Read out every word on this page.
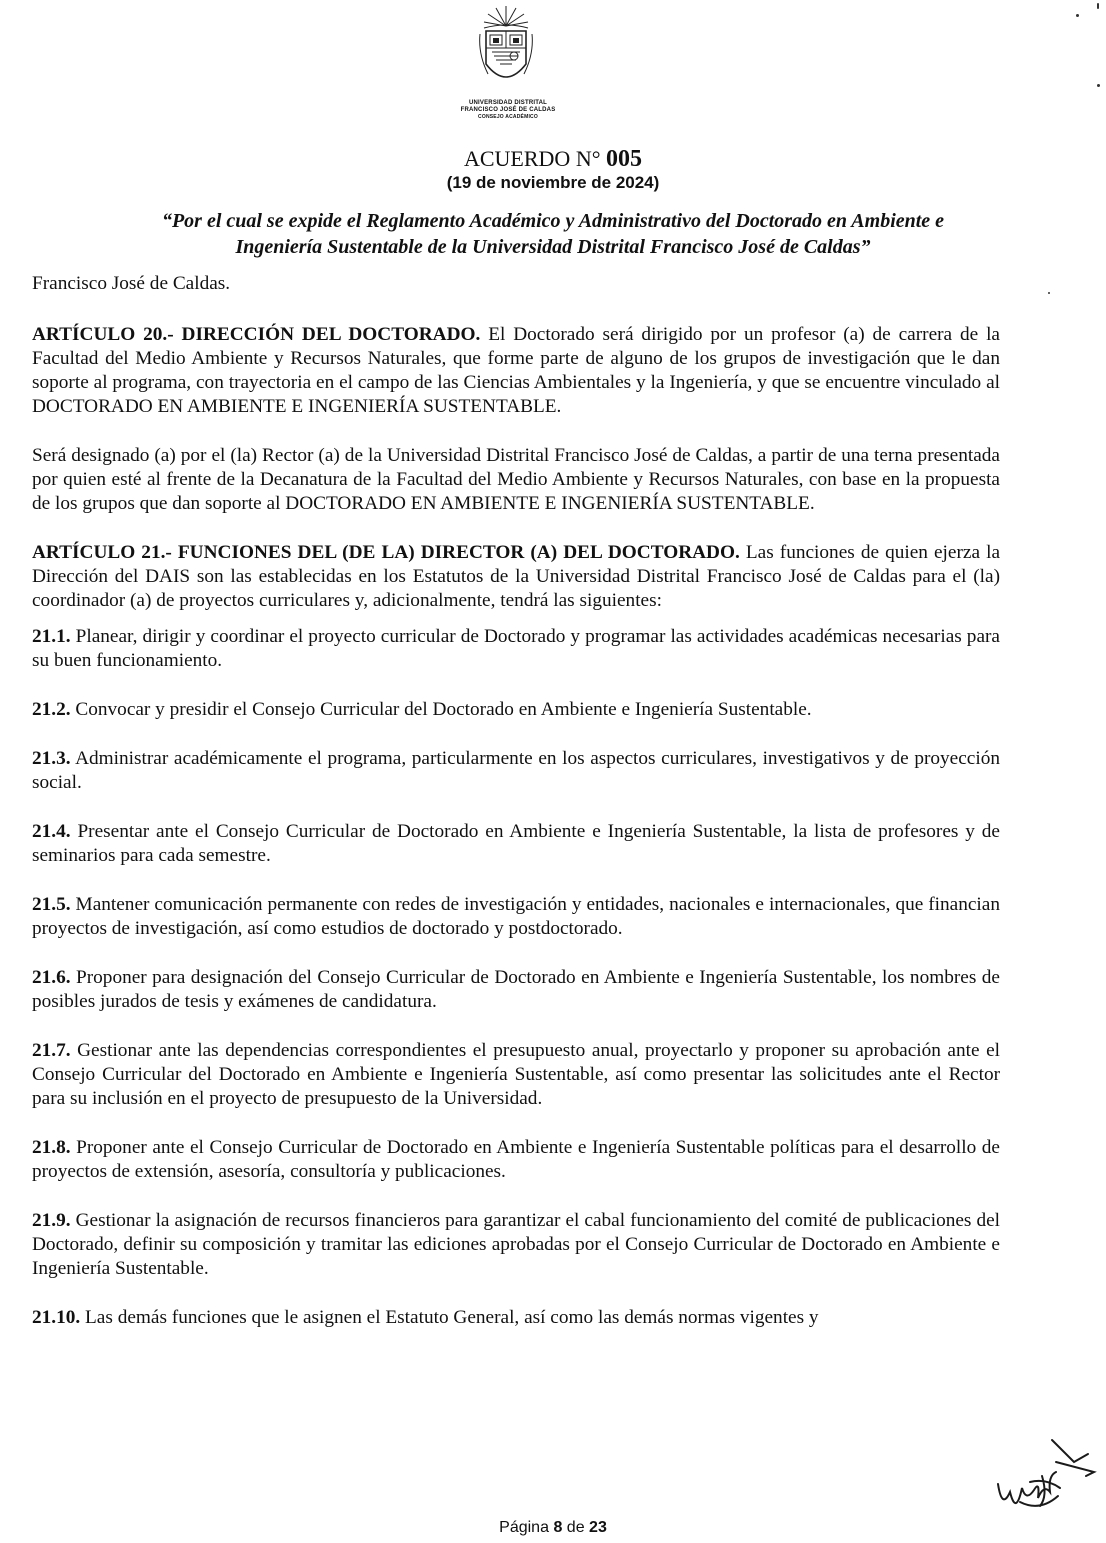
UNIVERSIDAD DISTRITAL
FRANCISCO JOSÉ DE CALDAS
CONSEJO ACADÉMICO
ACUERDO N° 005
(19 de noviembre de 2024)
“Por el cual se expide el Reglamento Académico y Administrativo del Doctorado en Ambiente e
Ingeniería Sustentable de la Universidad Distrital Francisco José de Caldas”

Francisco José de Caldas.

ARTÍCULO 20.- DIRECCIÓN DEL DOCTORADO. El Doctorado será dirigido por un profesor (a) de carrera de la Facultad del Medio Ambiente y Recursos Naturales, que forme parte de alguno de los grupos de investigación que le dan soporte al programa, con trayectoria en el campo de las Ciencias Ambientales y la Ingeniería, y que se encuentre vinculado al DOCTORADO EN AMBIENTE E INGENIERÍA SUSTENTABLE.

Será designado (a) por el (la) Rector (a) de la Universidad Distrital Francisco José de Caldas, a partir de una terna presentada por quien esté al frente de la Decanatura de la Facultad del Medio Ambiente y Recursos Naturales, con base en la propuesta de los grupos que dan soporte al DOCTORADO EN AMBIENTE E INGENIERÍA SUSTENTABLE.

ARTÍCULO 21.- FUNCIONES DEL (DE LA) DIRECTOR (A) DEL DOCTORADO. Las funciones de quien ejerza la Dirección del DAIS son las establecidas en los Estatutos de la Universidad Distrital Francisco José de Caldas para el (la) coordinador (a) de proyectos curriculares y, adicionalmente, tendrá las siguientes:

21.1. Planear, dirigir y coordinar el proyecto curricular de Doctorado y programar las actividades académicas necesarias para su buen funcionamiento.

21.2. Convocar y presidir el Consejo Curricular del Doctorado en Ambiente e Ingeniería Sustentable.

21.3. Administrar académicamente el programa, particularmente en los aspectos curriculares, investigativos y de proyección social.

21.4. Presentar ante el Consejo Curricular de Doctorado en Ambiente e Ingeniería Sustentable, la lista de profesores y de seminarios para cada semestre.

21.5. Mantener comunicación permanente con redes de investigación y entidades, nacionales e internacionales, que financian proyectos de investigación, así como estudios de doctorado y postdoctorado.

21.6. Proponer para designación del Consejo Curricular de Doctorado en Ambiente e Ingeniería Sustentable, los nombres de posibles jurados de tesis y exámenes de candidatura.

21.7. Gestionar ante las dependencias correspondientes el presupuesto anual, proyectarlo y proponer su aprobación ante el Consejo Curricular del Doctorado en Ambiente e Ingeniería Sustentable, así como presentar las solicitudes ante el Rector para su inclusión en el proyecto de presupuesto de la Universidad.

21.8. Proponer ante el Consejo Curricular de Doctorado en Ambiente e Ingeniería Sustentable políticas para el desarrollo de proyectos de extensión, asesoría, consultoría y publicaciones.

21.9. Gestionar la asignación de recursos financieros para garantizar el cabal funcionamiento del comité de publicaciones del Doctorado, definir su composición y tramitar las ediciones aprobadas por el Consejo Curricular de Doctorado en Ambiente e Ingeniería Sustentable.

21.10. Las demás funciones que le asignen el Estatuto General, así como las demás normas vigentes y

Página 8 de 23
